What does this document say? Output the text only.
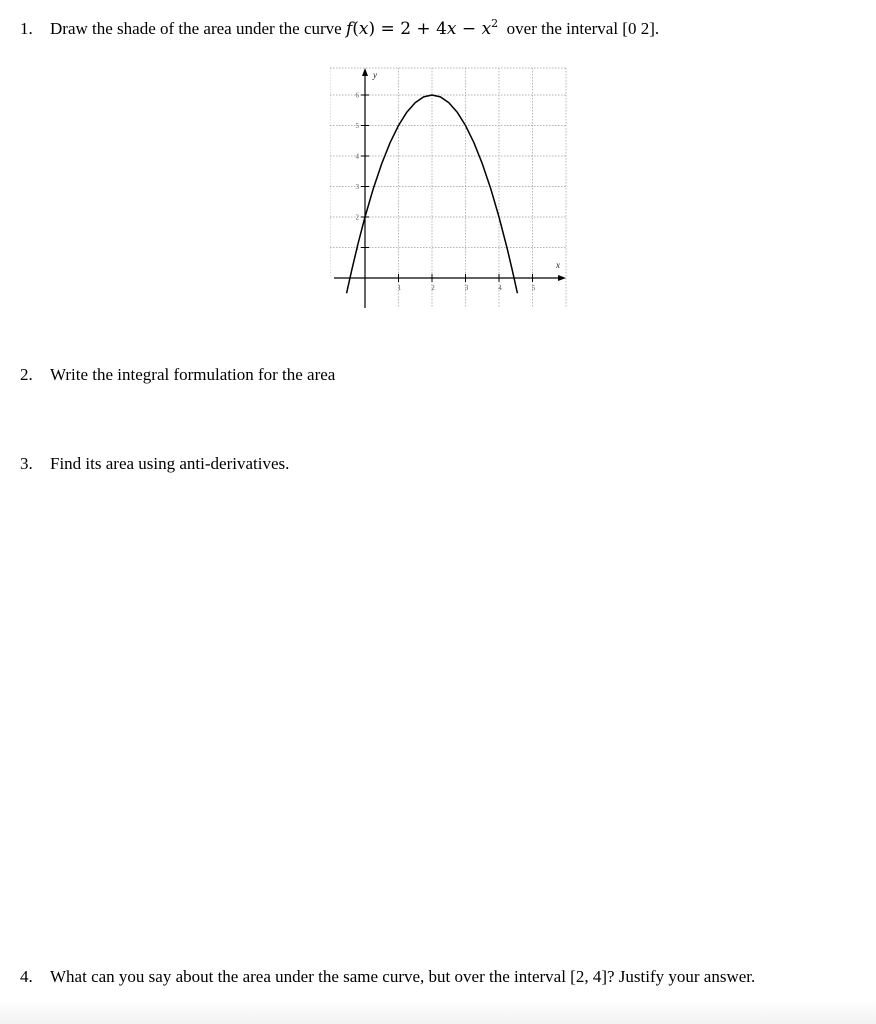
1. Draw the shade of the area under the curve $f(x) = 2 + 4x - x^2$ over the interval [0 2].
1	2	3	4	5
1
2
3
4
5
6
x
y
2. Write the integral formulation for the area
3. Find its area using anti-derivatives.
4. What can you say about the area under the same curve, but over the interval [2, 4]? Justify your answer.
